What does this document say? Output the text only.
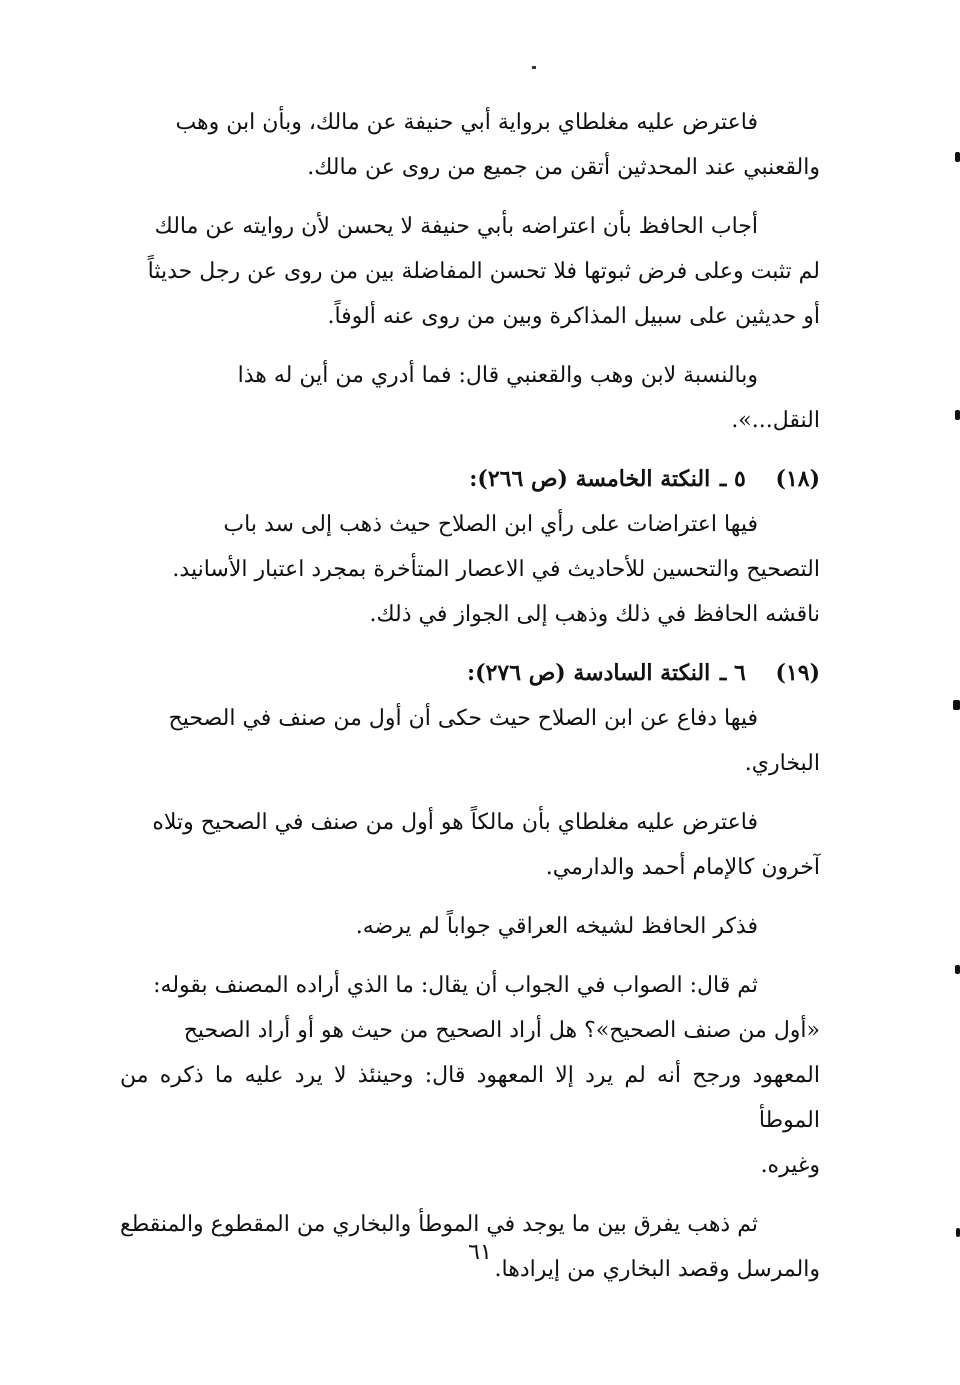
فاعترض عليه مغلطاي برواية أبي حنيفة عن مالك، وبأن ابن وهب
والقعنبي عند المحدثين أتقن من جميع من روى عن مالك.
أجاب الحافظ بأن اعتراضه بأبي حنيفة لا يحسن لأن روايته عن مالك
لم تثبت وعلى فرض ثبوتها فلا تحسن المفاضلة بين من روى عن رجل حديثاً
أو حديثين على سبيل المذاكرة وبين من روى عنه ألوفاً.
وبالنسبة لابن وهب والقعنبي قال: فما أدري من أين له هذا
النقل...».
(١٨) ٥ ـ النكتة الخامسة (ص ٢٦٦):
فيها اعتراضات على رأي ابن الصلاح حيث ذهب إلى سد باب
التصحيح والتحسين للأحاديث في الاعصار المتأخرة بمجرد اعتبار الأسانيد.
ناقشه الحافظ في ذلك وذهب إلى الجواز في ذلك.
(١٩) ٦ ـ النكتة السادسة (ص ٢٧٦):
فيها دفاع عن ابن الصلاح حيث حكى أن أول من صنف في الصحيح
البخاري.
فاعترض عليه مغلطاي بأن مالكاً هو أول من صنف في الصحيح وتلاه
آخرون كالإمام أحمد والدارمي.
فذكر الحافظ لشيخه العراقي جواباً لم يرضه.
ثم قال: الصواب في الجواب أن يقال: ما الذي أراده المصنف بقوله:
«أول من صنف الصحيح»؟ هل أراد الصحيح من حيث هو أو أراد الصحيح
المعهود ورجح أنه لم يرد إلا المعهود قال: وحينئذ لا يرد عليه ما ذكره من الموطأ
وغيره.
ثم ذهب يفرق بين ما يوجد في الموطأ والبخاري من المقطوع والمنقطع
والمرسل وقصد البخاري من إيرادها.
٦١
